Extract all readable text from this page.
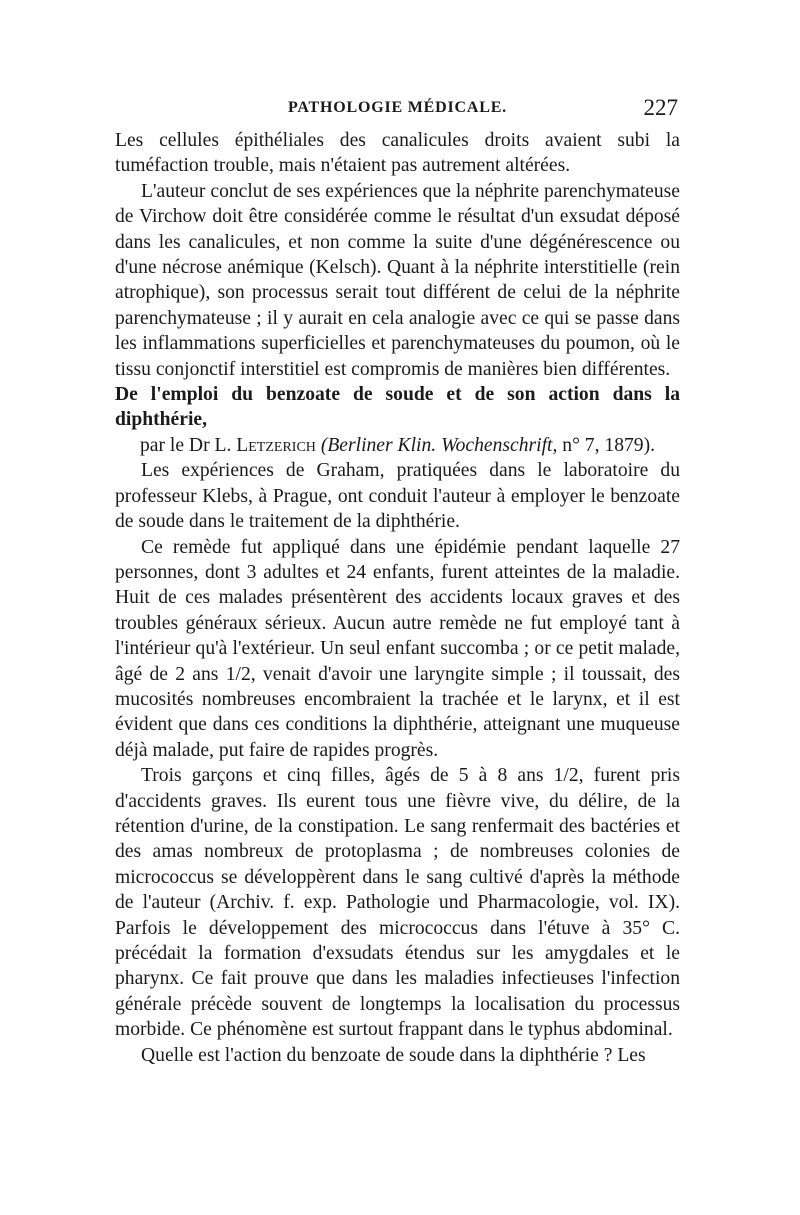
PATHOLOGIE MÉDICALE.	227

Les cellules épithéliales des canalicules droits avaient subi la tuméfaction trouble, mais n'étaient pas autrement altérées.

L'auteur conclut de ses expériences que la néphrite parenchymateuse de Virchow doit être considérée comme le résultat d'un exsudat déposé dans les canalicules, et non comme la suite d'une dégénérescence ou d'une nécrose anémique (Kelsch). Quant à la néphrite interstitielle (rein atrophique), son processus serait tout différent de celui de la néphrite parenchymateuse ; il y aurait en cela analogie avec ce qui se passe dans les inflammations superficielles et parenchymateuses du poumon, où le tissu conjonctif interstitiel est compromis de manières bien différentes.

De l'emploi du benzoate de soude et de son action dans la diphthérie,

par le Dr L. Letzerich (Berliner Klin. Wochenschrift, n° 7, 1879).

Les expériences de Graham, pratiquées dans le laboratoire du professeur Klebs, à Prague, ont conduit l'auteur à employer le benzoate de soude dans le traitement de la diphthérie.

Ce remède fut appliqué dans une épidémie pendant laquelle 27 personnes, dont 3 adultes et 24 enfants, furent atteintes de la maladie. Huit de ces malades présentèrent des accidents locaux graves et des troubles généraux sérieux. Aucun autre remède ne fut employé tant à l'intérieur qu'à l'extérieur. Un seul enfant succomba ; or ce petit malade, âgé de 2 ans 1/2, venait d'avoir une laryngite simple ; il toussait, des mucosités nombreuses encombraient la trachée et le larynx, et il est évident que dans ces conditions la diphthérie, atteignant une muqueuse déjà malade, put faire de rapides progrès.

Trois garçons et cinq filles, âgés de 5 à 8 ans 1/2, furent pris d'accidents graves. Ils eurent tous une fièvre vive, du délire, de la rétention d'urine, de la constipation. Le sang renfermait des bactéries et des amas nombreux de protoplasma ; de nombreuses colonies de micrococcus se développèrent dans le sang cultivé d'après la méthode de l'auteur (Archiv. f. exp. Pathologie und Pharmacologie, vol. IX). Parfois le développement des micrococcus dans l'étuve à 35° C. précédait la formation d'exsudats étendus sur les amygdales et le pharynx. Ce fait prouve que dans les maladies infectieuses l'infection générale précède souvent de longtemps la localisation du processus morbide. Ce phénomène est surtout frappant dans le typhus abdominal.

Quelle est l'action du benzoate de soude dans la diphthérie ? Les
